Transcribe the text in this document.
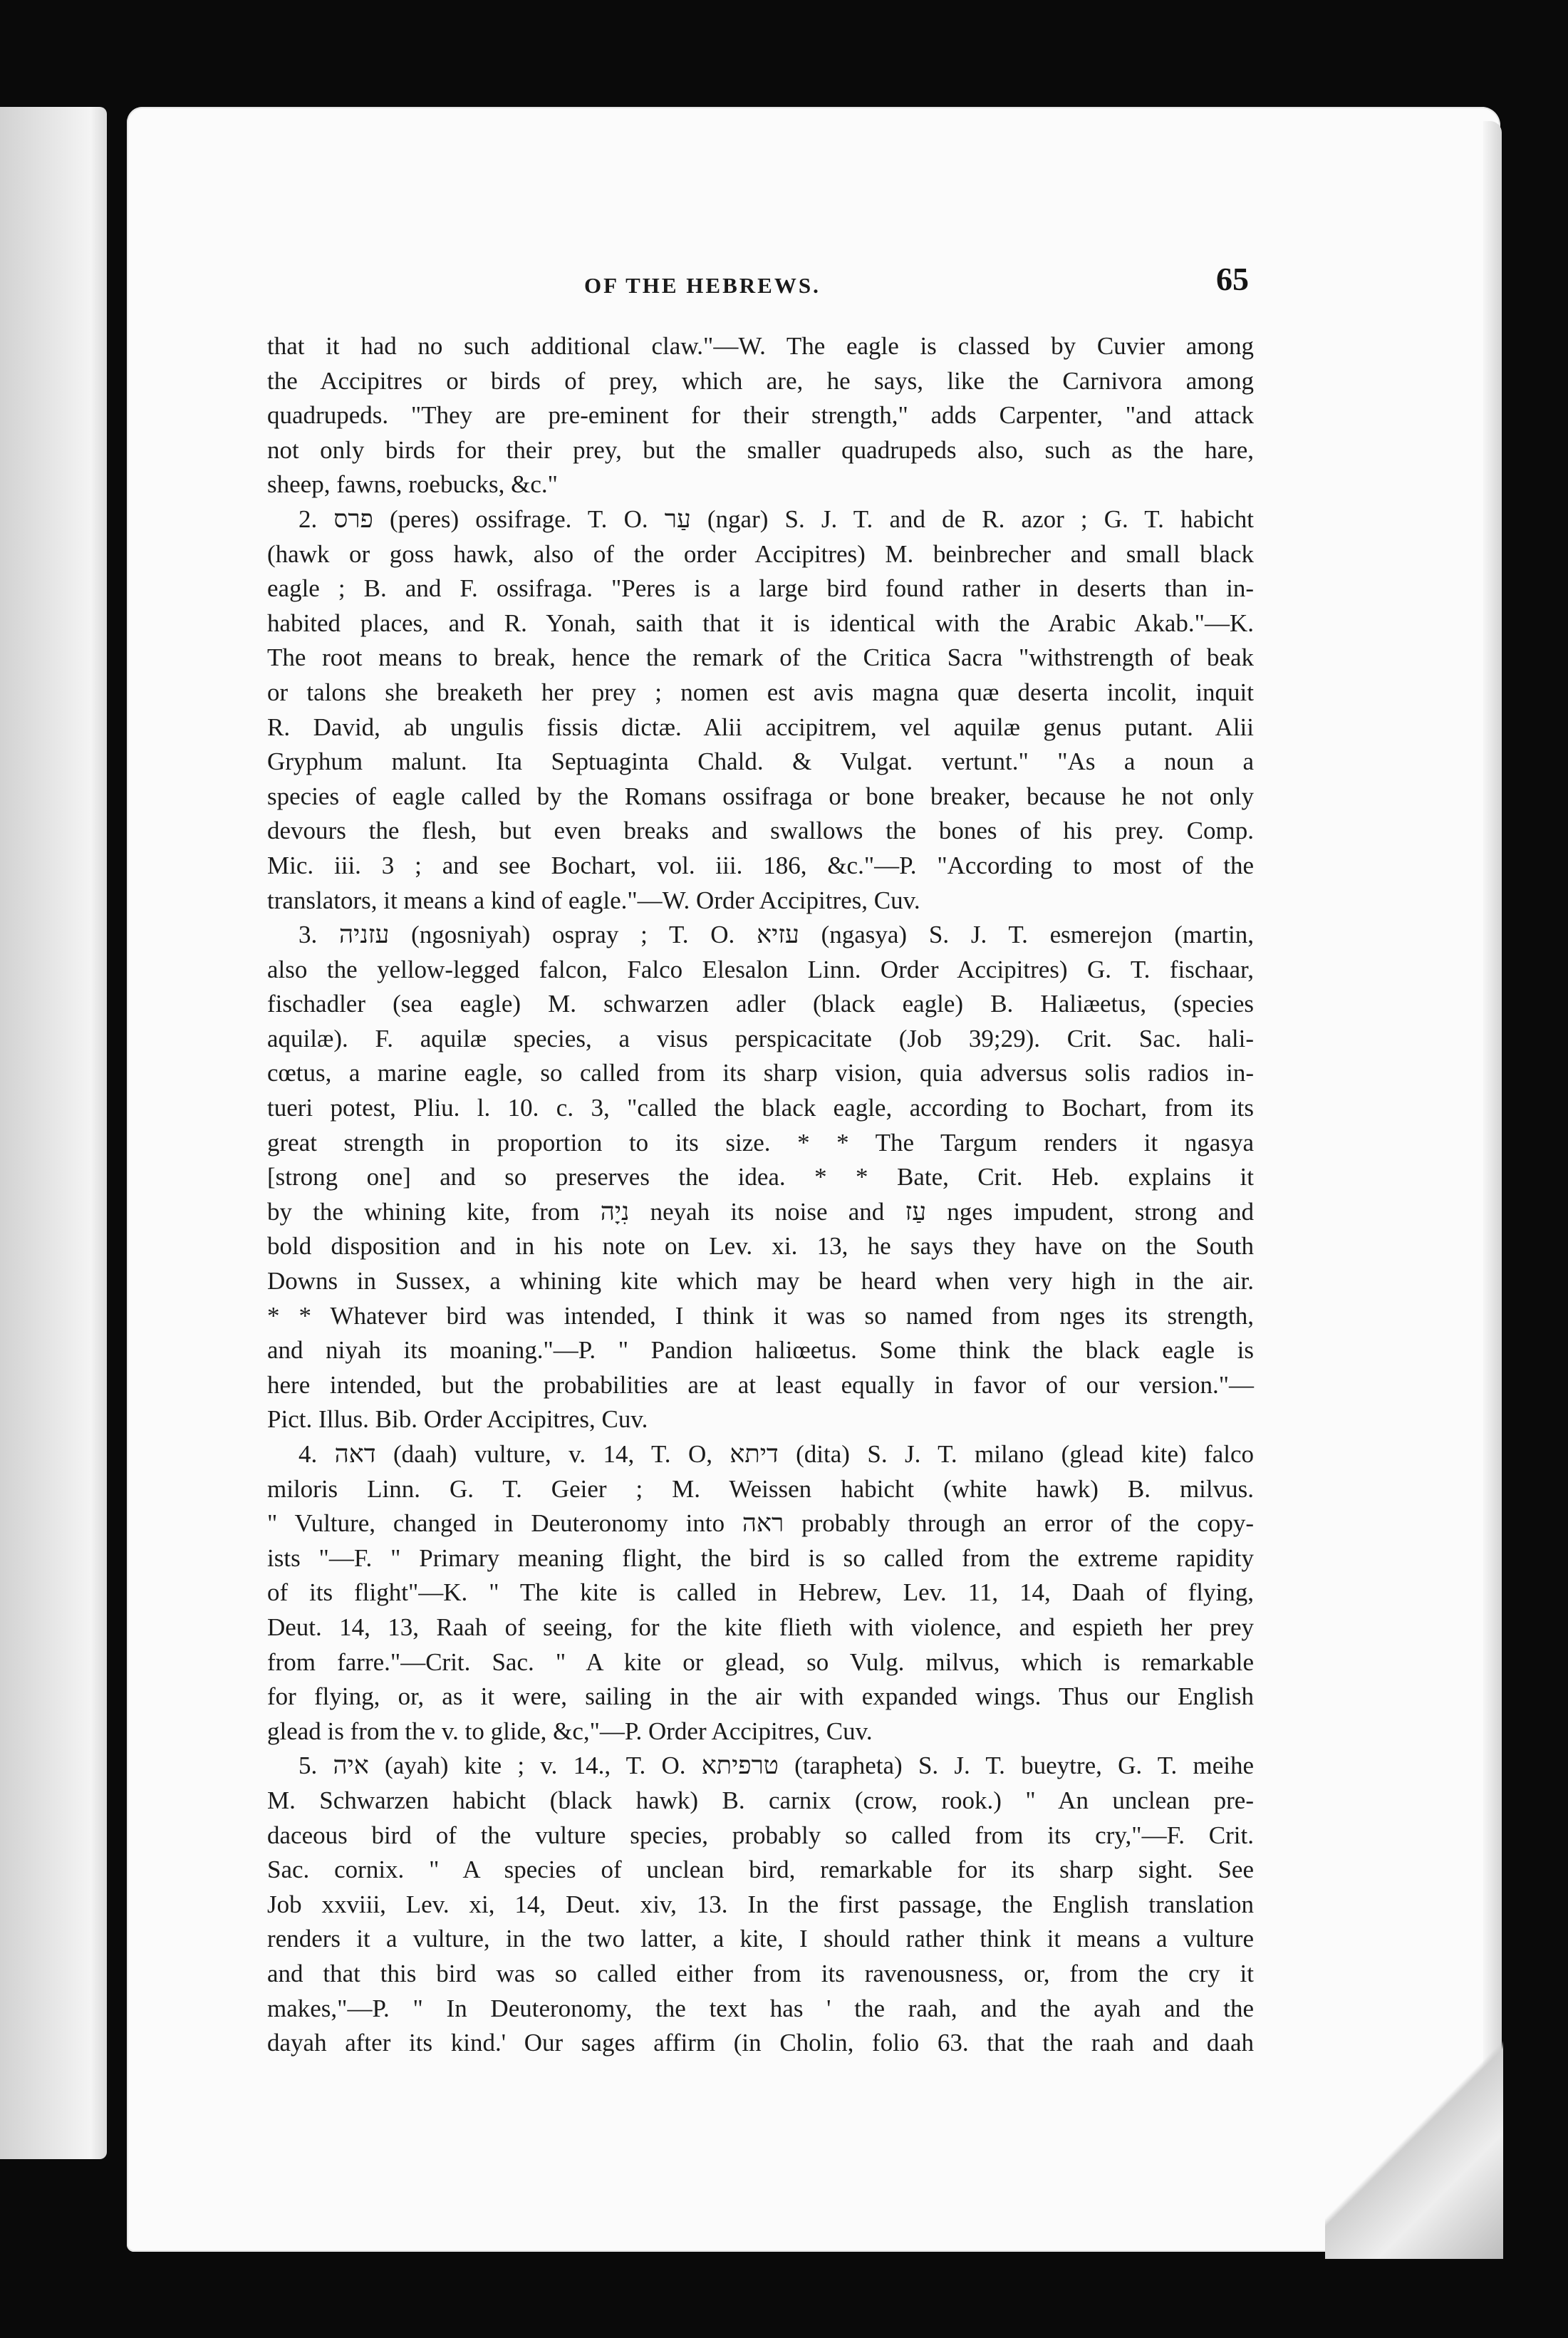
OF THE HEBREWS.	65
that it had no such additional claw."—W. The eagle is classed by Cuvier among
the Accipitres or birds of prey, which are, he says, like the Carnivora among
quadrupeds. "They are pre-eminent for their strength," adds Carpenter, "and attack
not only birds for their prey, but the smaller quadrupeds also, such as the hare,
sheep, fawns, roebucks, &c."
2. פרס (peres) ossifrage. T. O. עַר (ngar) S. J. T. and de R. azor ; G. T. habicht
(hawk or goss hawk, also of the order Accipitres) M. beinbrecher and small black
eagle ; B. and F. ossifraga. "Peres is a large bird found rather in deserts than in-
habited places, and R. Yonah, saith that it is identical with the Arabic Akab."—K.
The root means to break, hence the remark of the Critica Sacra "withstrength of beak
or talons she breaketh her prey ; nomen est avis magna quæ deserta incolit, inquit
R. David, ab ungulis fissis dictæ. Alii accipitrem, vel aquilæ genus putant. Alii
Gryphum malunt. Ita Septuaginta Chald. & Vulgat. vertunt." "As a noun a
species of eagle called by the Romans ossifraga or bone breaker, because he not only
devours the flesh, but even breaks and swallows the bones of his prey. Comp.
Mic. iii. 3 ; and see Bochart, vol. iii. 186, &c."—P. "According to most of the
translators, it means a kind of eagle."—W. Order Accipitres, Cuv.
3. עזניה (ngosniyah) ospray ; T. O. עזיא (ngasya) S. J. T. esmerejon (martin,
also the yellow-legged falcon, Falco Elesalon Linn. Order Accipitres) G. T. fischaar,
fischadler (sea eagle) M. schwarzen adler (black eagle) B. Haliæetus, (species
aquilæ). F. aquilæ species, a visus perspicacitate (Job 39;29). Crit. Sac. hali-
cœtus, a marine eagle, so called from its sharp vision, quia adversus solis radios in-
tueri potest, Pliu. l. 10. c. 3, "called the black eagle, according to Bochart, from its
great strength in proportion to its size. * * The Targum renders it ngasya
[strong one] and so preserves the idea. * * Bate, Crit. Heb. explains it
by the whining kite, from נִיָה neyah its noise and עַז nges impudent, strong and
bold disposition and in his note on Lev. xi. 13, he says they have on the South
Downs in Sussex, a whining kite which may be heard when very high in the air.
* * Whatever bird was intended, I think it was so named from nges its strength,
and niyah its moaning."—P. " Pandion haliœetus. Some think the black eagle is
here intended, but the probabilities are at least equally in favor of our version."—
Pict. Illus. Bib. Order Accipitres, Cuv.
4. דאה (daah) vulture, v. 14, T. O, דיתא (dita) S. J. T. milano (glead kite) falco
miloris Linn. G. T. Geier ; M. Weissen habicht (white hawk) B. milvus.
" Vulture, changed in Deuteronomy into ראה probably through an error of the copy-
ists "—F. " Primary meaning flight, the bird is so called from the extreme rapidity
of its flight"—K. " The kite is called in Hebrew, Lev. 11, 14, Daah of flying,
Deut. 14, 13, Raah of seeing, for the kite flieth with violence, and espieth her prey
from farre."—Crit. Sac. " A kite or glead, so Vulg. milvus, which is remarkable
for flying, or, as it were, sailing in the air with expanded wings. Thus our English
glead is from the v. to glide, &c,"—P. Order Accipitres, Cuv.
5. איה (ayah) kite ; v. 14., T. O. טרפיתא (tarapheta) S. J. T. bueytre, G. T. meihe
M. Schwarzen habicht (black hawk) B. carnix (crow, rook.) " An unclean pre-
daceous bird of the vulture species, probably so called from its cry,"—F. Crit.
Sac. cornix. " A species of unclean bird, remarkable for its sharp sight. See
Job xxviii, Lev. xi, 14, Deut. xiv, 13. In the first passage, the English translation
renders it a vulture, in the two latter, a kite, I should rather think it means a vulture
and that this bird was so called either from its ravenousness, or, from the cry it
makes,"—P. " In Deuteronomy, the text has ' the raah, and the ayah and the
dayah after its kind.' Our sages affirm (in Cholin, folio 63. that the raah and daah
